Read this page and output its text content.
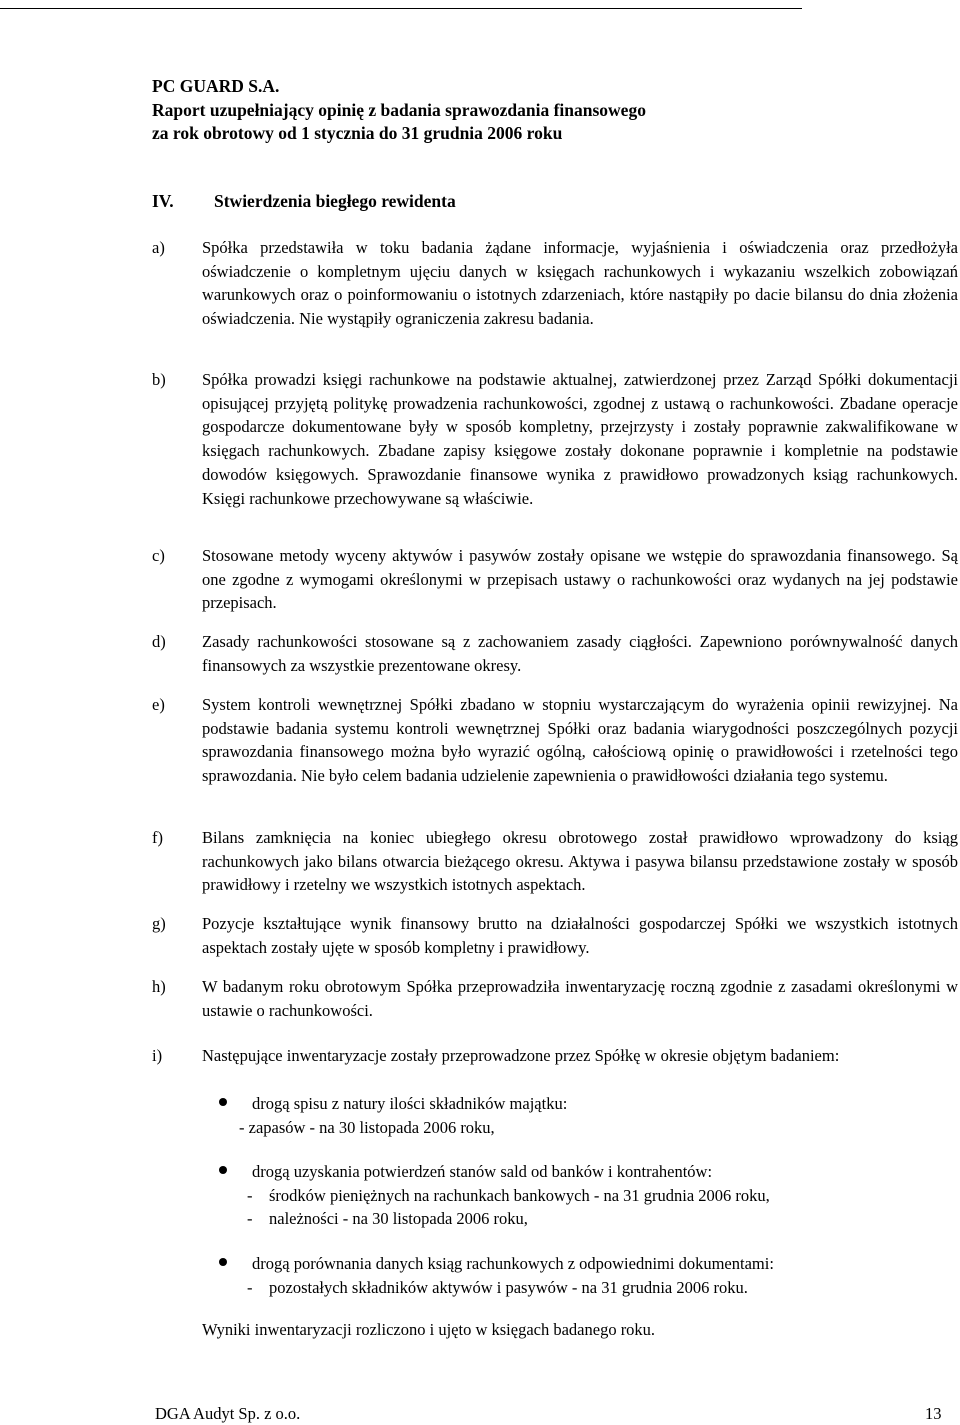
PC GUARD S.A.
Raport uzupełniający opinię z badania sprawozdania finansowego
za rok obrotowy od 1 stycznia do 31 grudnia 2006 roku
IV. Stwierdzenia biegłego rewidenta
a) Spółka przedstawiła w toku badania żądane informacje, wyjaśnienia i oświadczenia oraz przedłożyła oświadczenie o kompletnym ujęciu danych w księgach rachunkowych i wykazaniu wszelkich zobowiązań warunkowych oraz o poinformowaniu o istotnych zdarzeniach, które nastąpiły po dacie bilansu do dnia złożenia oświadczenia. Nie wystąpiły ograniczenia zakresu badania.
b) Spółka prowadzi księgi rachunkowe na podstawie aktualnej, zatwierdzonej przez Zarząd Spółki dokumentacji opisującej przyjętą politykę prowadzenia rachunkowości, zgodnej z ustawą o rachunkowości. Zbadane operacje gospodarcze dokumentowane były w sposób kompletny, przejrzysty i zostały poprawnie zakwalifikowane w księgach rachunkowych. Zbadane zapisy księgowe zostały dokonane poprawnie i kompletnie na podstawie dowodów księgowych. Sprawozdanie finansowe wynika z prawidłowo prowadzonych ksiąg rachunkowych. Księgi rachunkowe przechowywane są właściwie.
c) Stosowane metody wyceny aktywów i pasywów zostały opisane we wstępie do sprawozdania finansowego. Są one zgodne z wymogami określonymi w przepisach ustawy o rachunkowości oraz wydanych na jej podstawie przepisach.
d) Zasady rachunkowości stosowane są z zachowaniem zasady ciągłości. Zapewniono porównywalność danych finansowych za wszystkie prezentowane okresy.
e) System kontroli wewnętrznej Spółki zbadano w stopniu wystarczającym do wyrażenia opinii rewizyjnej. Na podstawie badania systemu kontroli wewnętrznej Spółki oraz badania wiarygodności poszczególnych pozycji sprawozdania finansowego można było wyrazić ogólną, całościową opinię o prawidłowości i rzetelności tego sprawozdania. Nie było celem badania udzielenie zapewnienia o prawidłowości działania tego systemu.
f) Bilans zamknięcia na koniec ubiegłego okresu obrotowego został prawidłowo wprowadzony do ksiąg rachunkowych jako bilans otwarcia bieżącego okresu. Aktywa i pasywa bilansu przedstawione zostały w sposób prawidłowy i rzetelny we wszystkich istotnych aspektach.
g) Pozycje kształtujące wynik finansowy brutto na działalności gospodarczej Spółki we wszystkich istotnych aspektach zostały ujęte w sposób kompletny i prawidłowy.
h) W badanym roku obrotowym Spółka przeprowadziła inwentaryzację roczną zgodnie z zasadami określonymi w ustawie o rachunkowości.
i) Następujące inwentaryzacje zostały przeprowadzone przez Spółkę w okresie objętym badaniem:
drogą spisu z natury ilości składników majątku:
- zapasów - na 30 listopada 2006 roku,
drogą uzyskania potwierdzeń stanów sald od banków i kontrahentów:
-    środków pieniężnych na rachunkach bankowych - na 31 grudnia 2006 roku,
-    należności - na 30 listopada 2006 roku,
drogą porównania danych ksiąg rachunkowych z odpowiednimi dokumentami:
-    pozostałych składników aktywów i pasywów - na 31 grudnia 2006 roku.
Wyniki inwentaryzacji rozliczono i ujęto w księgach badanego roku.
DGA Audyt Sp. z o.o.	13
